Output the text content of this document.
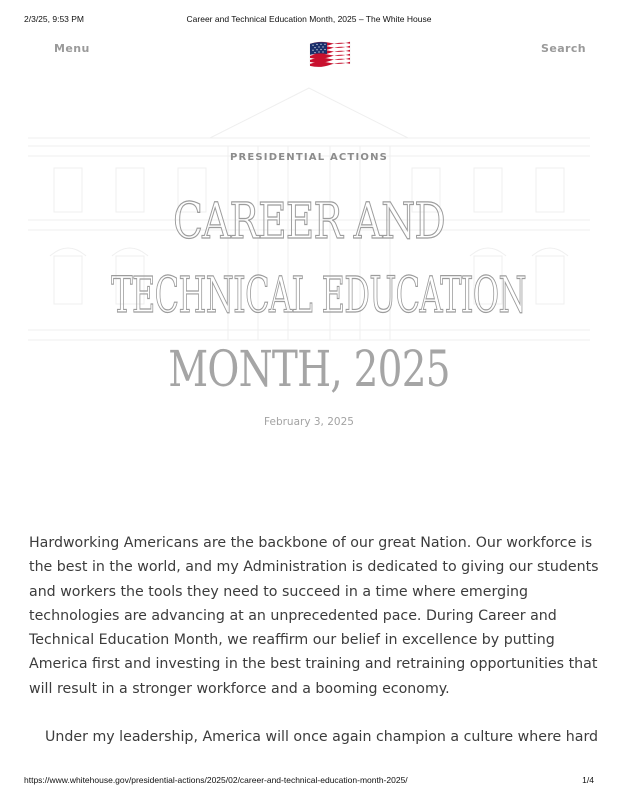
2/3/25, 9:53 PM	Career and Technical Education Month, 2025 – The White House
Menu	Search
PRESIDENTIAL ACTIONS
CAREER AND
TECHNICAL EDUCATION
MONTH, 2025
February 3, 2025

Hardworking Americans are the backbone of our great Nation. Our workforce is
the best in the world, and my Administration is dedicated to giving our students
and workers the tools they need to succeed in a time where emerging
technologies are advancing at an unprecedented pace. During Career and
Technical Education Month, we reaffirm our belief in excellence by putting
America first and investing in the best training and retraining opportunities that
will result in a stronger workforce and a booming economy.

Under my leadership, America will once again champion a culture where hard

https://www.whitehouse.gov/presidential-actions/2025/02/career-and-technical-education-month-2025/	1/4
